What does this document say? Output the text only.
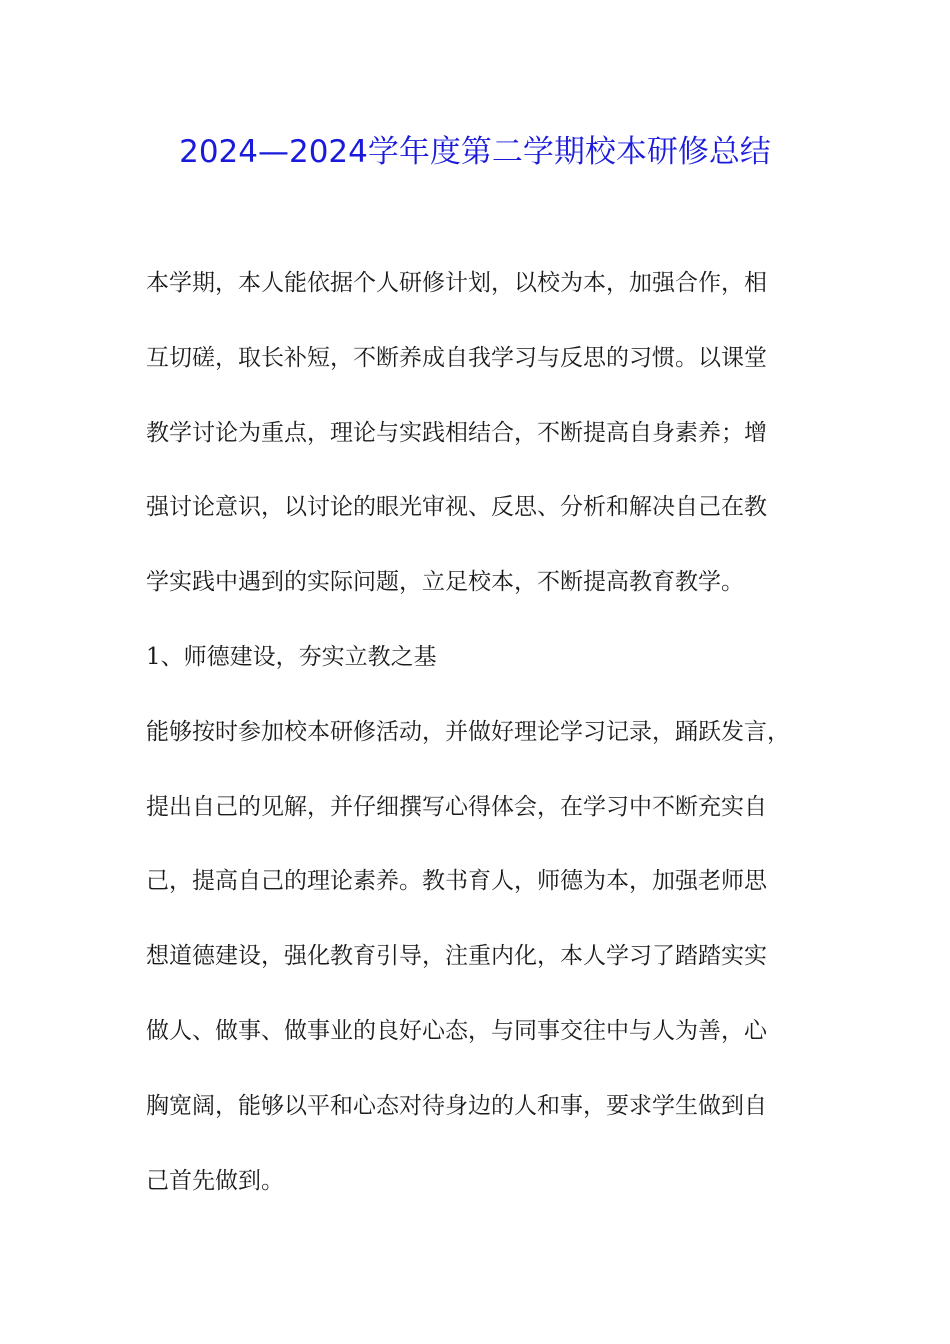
2024—2024学年度第二学期校本研修总结

本学期，本人能依据个人研修计划，以校为本，加强合作，相

互切磋，取长补短，不断养成自我学习与反思的习惯。以课堂

教学讨论为重点，理论与实践相结合，不断提高自身素养；增

强讨论意识，以讨论的眼光审视、反思、分析和解决自己在教

学实践中遇到的实际问题，立足校本，不断提高教育教学。

1、师德建设，夯实立教之基

能够按时参加校本研修活动，并做好理论学习记录，踊跃发言，

提出自己的见解，并仔细撰写心得体会，在学习中不断充实自

己，提高自己的理论素养。教书育人，师德为本，加强老师思

想道德建设，强化教育引导，注重内化，本人学习了踏踏实实

做人、做事、做事业的良好心态，与同事交往中与人为善，心

胸宽阔，能够以平和心态对待身边的人和事，要求学生做到自

己首先做到。
